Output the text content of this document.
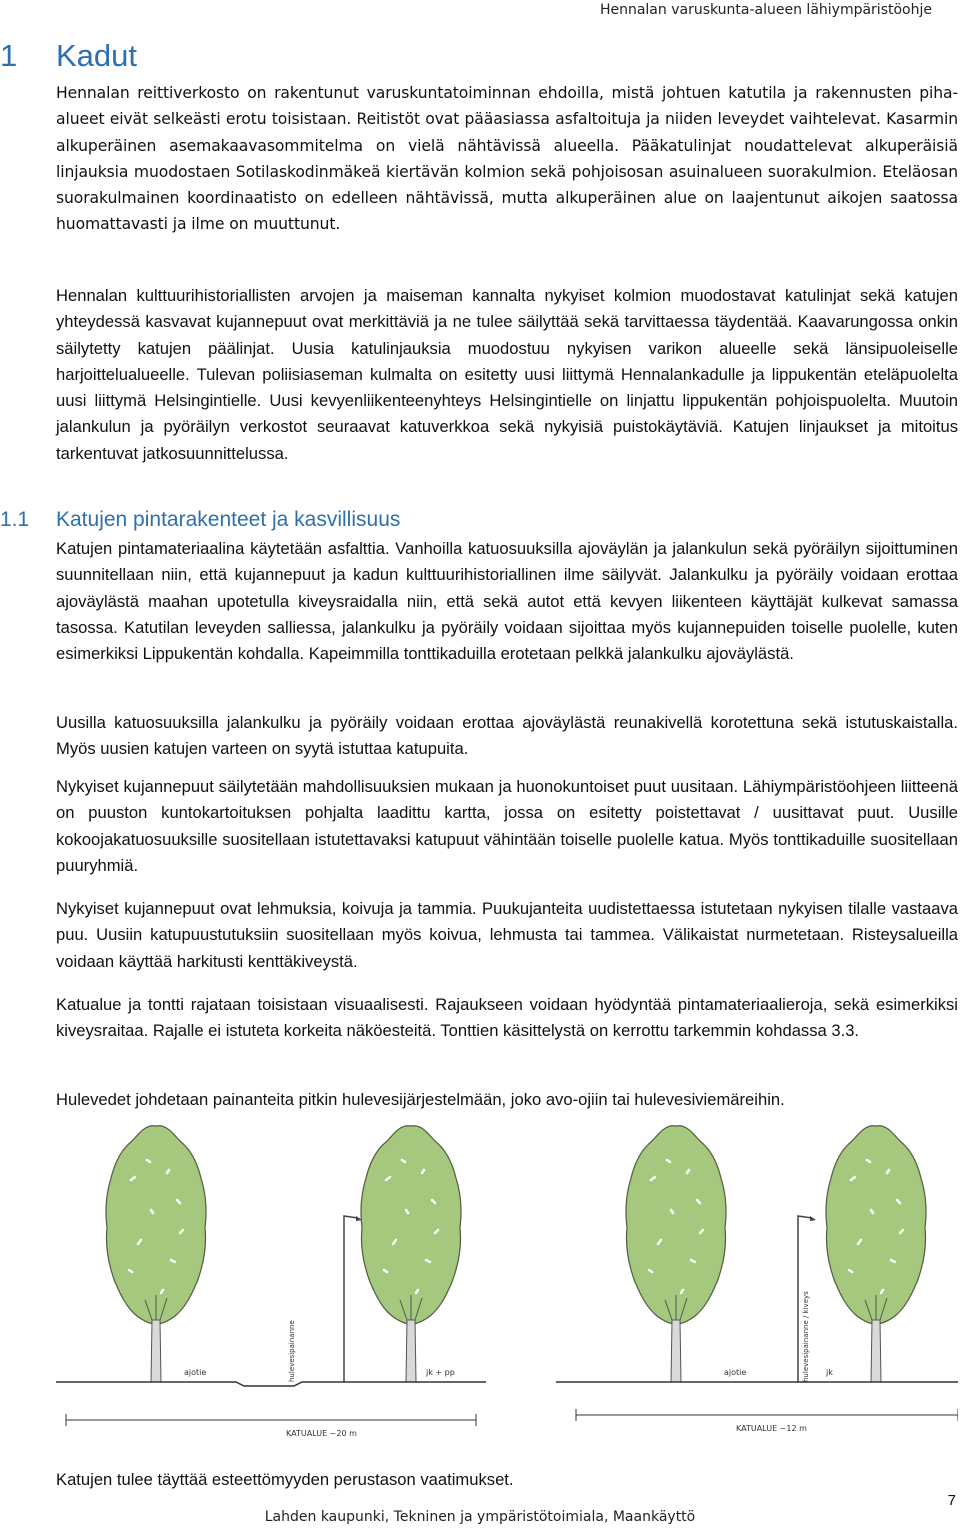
Hennalan varuskunta-alueen lähiympäristöohje
1 Kadut

Hennalan reittiverkosto on rakentunut varuskuntatoiminnan ehdoilla, mistä johtuen katutila ja rakennusten piha-alueet eivät selkeästi erotu toisistaan. Reitistöt ovat pääasiassa asfaltoituja ja niiden leveydet vaihtelevat. Kasarmin alkuperäinen asemakaavasommitelma on vielä nähtävissä alueella. Pääkatulinjat noudattelevat alkuperäisiä linjauksia muodostaen Sotilaskodinmäkeä kiertävän kolmion sekä pohjoisosan asuinalueen suorakulmion. Eteläosan suorakulmainen koordinaatisto on edelleen nähtävissä, mutta alkuperäinen alue on laajentunut aikojen saatossa huomattavasti ja ilme on muuttunut.

Hennalan kulttuurihistoriallisten arvojen ja maiseman kannalta nykyiset kolmion muodostavat katulinjat sekä katujen yhteydessä kasvavat kujannepuut ovat merkittäviä ja ne tulee säilyttää sekä tarvittaessa täydentää. Kaavarungossa onkin säilytetty katujen päälinjat. Uusia katulinjauksia muodostuu nykyisen varikon alueelle sekä länsipuoleiselle harjoittelualueelle. Tulevan poliisiaseman kulmalta on esitetty uusi liittymä Hennalankadulle ja lippukentän eteläpuolelta uusi liittymä Helsingintielle. Uusi kevyenliikenteenyhteys Helsingintielle on linjattu lippukentän pohjoispuolelta. Muutoin jalankulun ja pyöräilyn verkostot seuraavat katuverkkoa sekä nykyisiä puistokäytäviä. Katujen linjaukset ja mitoitus tarkentuvat jatkosuunnittelussa.

1.1 Katujen pintarakenteet ja kasvillisuus

Katujen pintamateriaalina käytetään asfalttia. Vanhoilla katuosuuksilla ajoväylän ja jalankulun sekä pyöräilyn sijoittuminen suunnitellaan niin, että kujannepuut ja kadun kulttuurihistoriallinen ilme säilyvät. Jalankulku ja pyöräily voidaan erottaa ajoväylästä maahan upotetulla kiveysraidalla niin, että sekä autot että kevyen liikenteen käyttäjät kulkevat samassa tasossa. Katutilan leveyden salliessa, jalankulku ja pyöräily voidaan sijoittaa myös kujannepuiden toiselle puolelle, kuten esimerkiksi Lippukentän kohdalla. Kapeimmilla tonttikaduilla erotetaan pelkkä jalankulku ajoväylästä.

Uusilla katuosuuksilla jalankulku ja pyöräily voidaan erottaa ajoväylästä reunakivellä korotettuna sekä istutuskaistalla. Myös uusien katujen varteen on syytä istuttaa katupuita.

Nykyiset kujannepuut säilytetään mahdollisuuksien mukaan ja huonokuntoiset puut uusitaan. Lähiympäristöohjeen liitteenä on puuston kuntokartoituksen pohjalta laadittu kartta, jossa on esitetty poistettavat / uusittavat puut. Uusille kokoojakatuosuuksille suositellaan istutettavaksi katupuut vähintään toiselle puolelle katua. Myös tonttikaduille suositellaan puuryhmiä.

Nykyiset kujannepuut ovat lehmuksia, koivuja ja tammia. Puukujanteita uudistettaessa istutetaan nykyisen tilalle vastaava puu. Uusiin katupuustutuksiin suositellaan myös koivua, lehmusta tai tammea. Välikaistat nurmetetaan. Risteysalueilla voidaan käyttää harkitusti kenttäkiveystä.

Katualue ja tontti rajataan toisistaan visuaalisesti. Rajaukseen voidaan hyödyntää pintamateriaalieroja, sekä esimerkiksi kiveysraitaa. Rajalle ei istuteta korkeita näköesteitä. Tonttien käsittelystä on kerrottu tarkemmin kohdassa 3.3.

Hulevedet johdetaan painanteita pitkin hulevesijärjestelmään, joko avo-ojiin tai hulevesiviemäreihin.

ajotie	hulevesipainanne	jk + pp
KATUALUE ~20 m
ajotie	hulevesipainanne / kiveys jk
KATUALUE ~12 m
Katujen tulee täyttää esteettömyyden perustason vaatimukset.
7
Lahden kaupunki, Tekninen ja ympäristötoimiala, Maankäyttö
